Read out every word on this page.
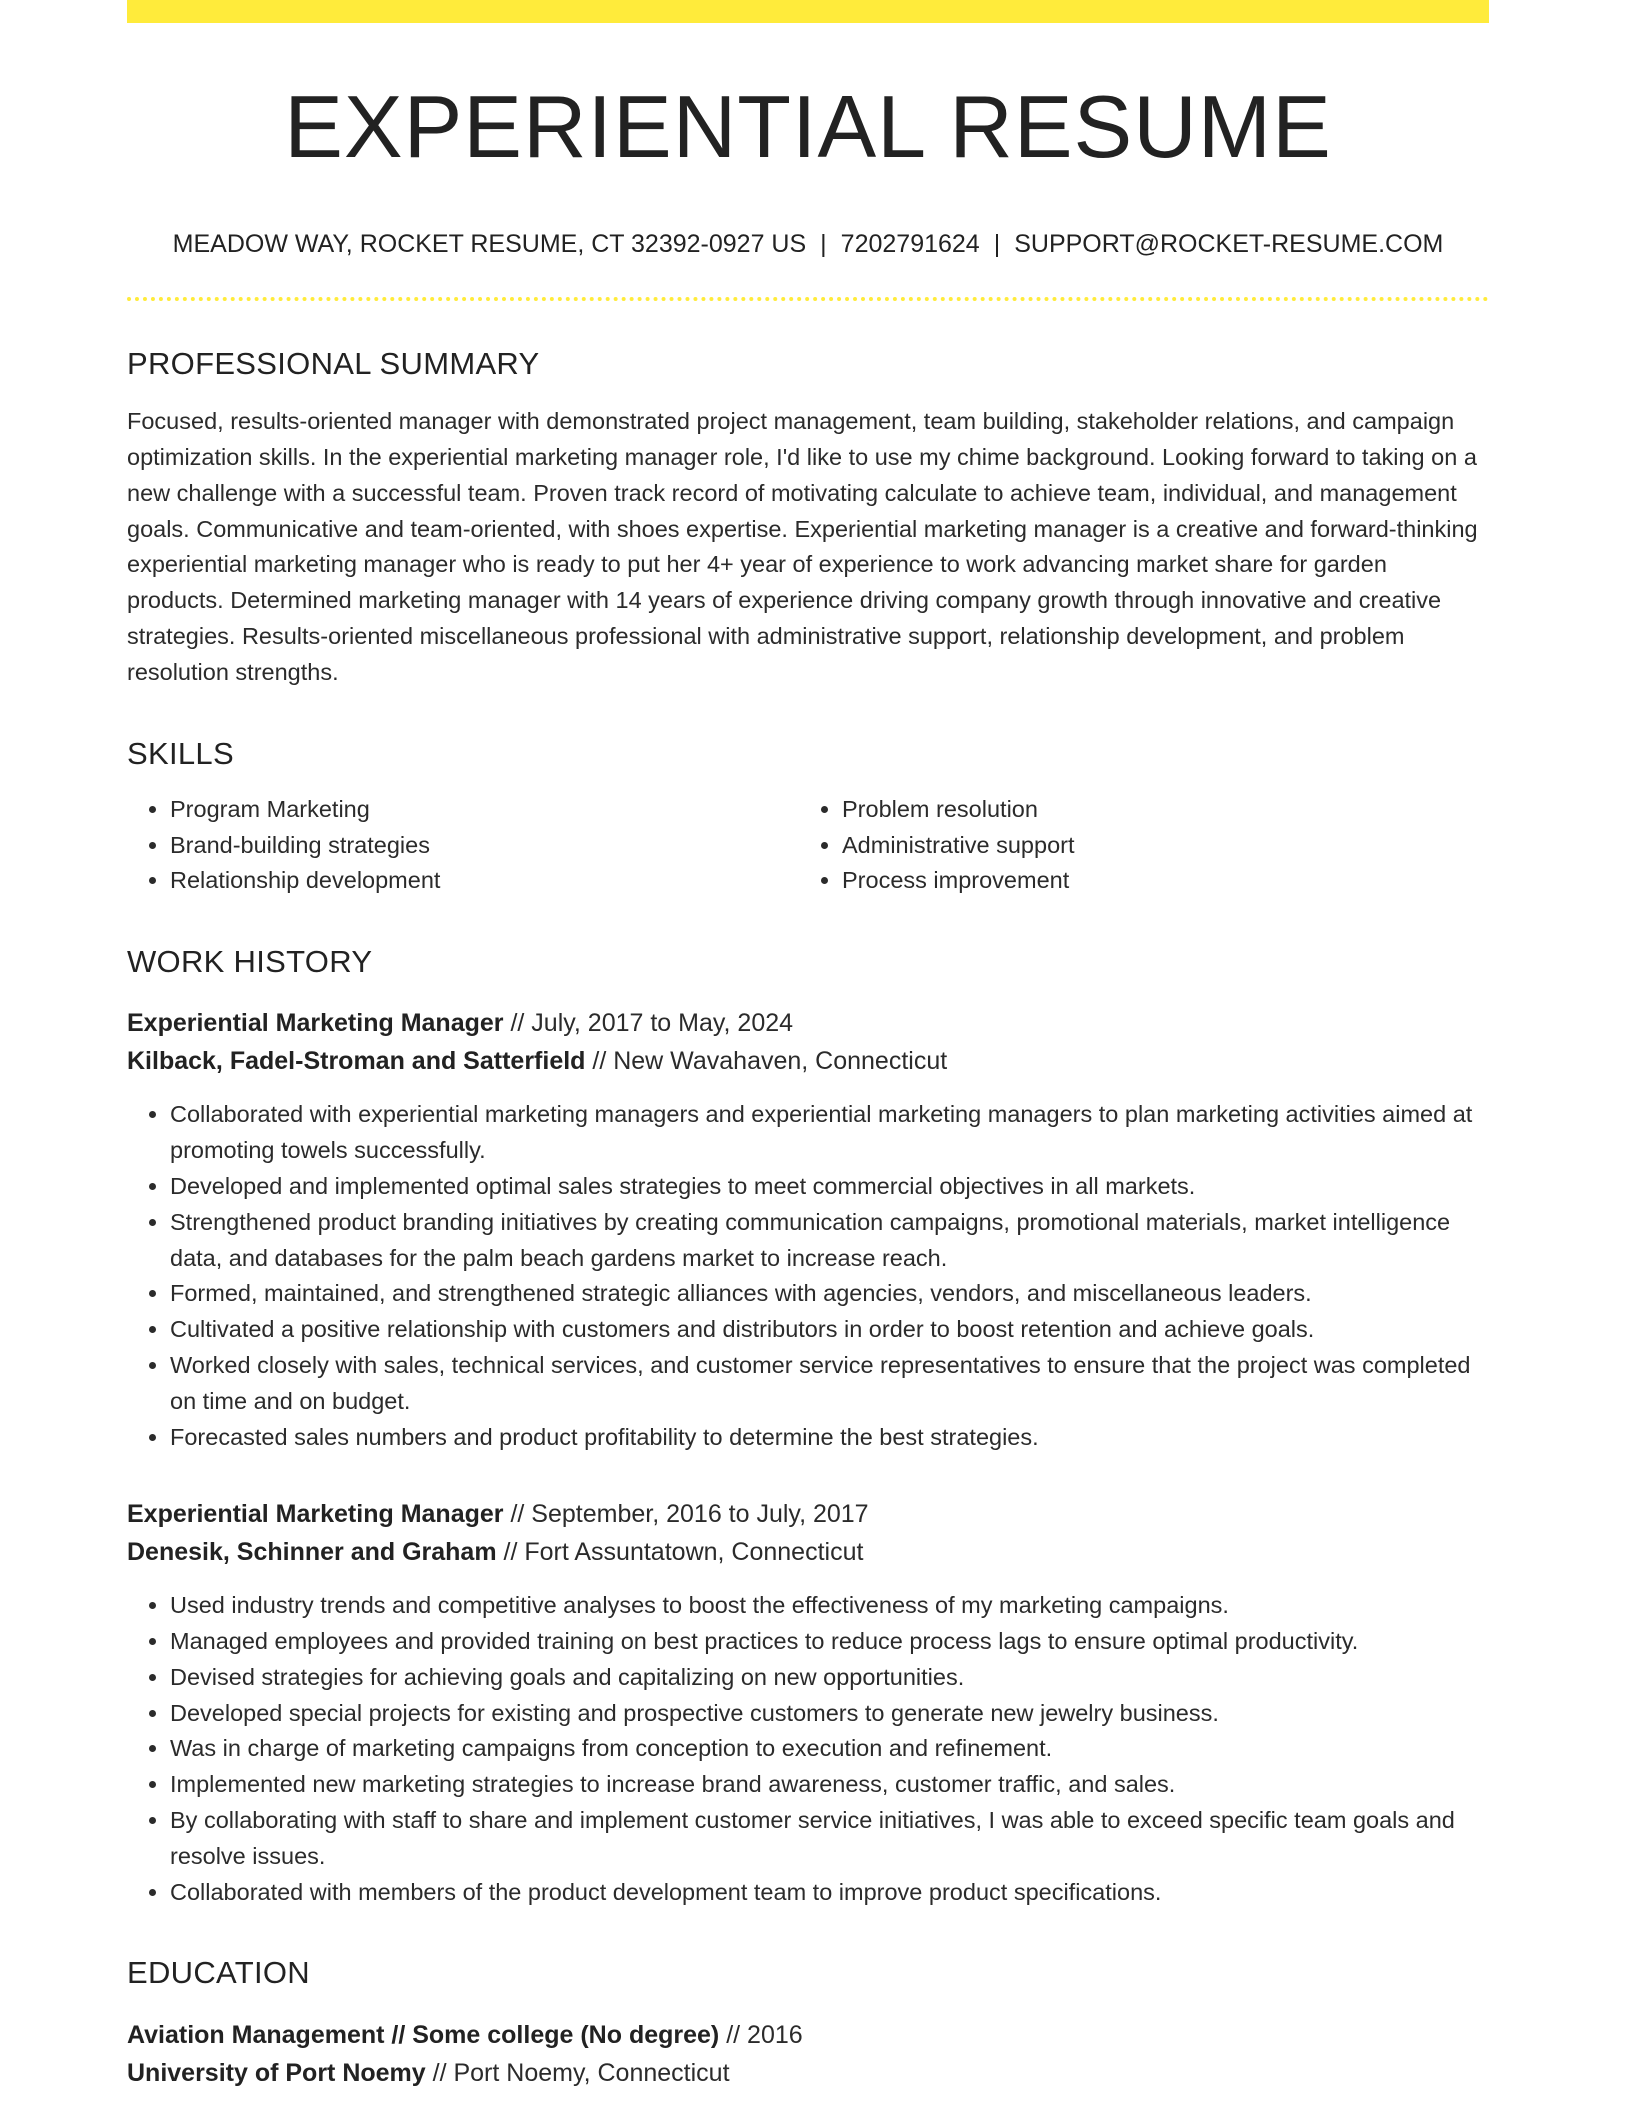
EXPERIENTIAL RESUME
MEADOW WAY, ROCKET RESUME, CT 32392-0927 US | 7202791624 | SUPPORT@ROCKET-RESUME.COM
PROFESSIONAL SUMMARY

Focused, results-oriented manager with demonstrated project management, team building, stakeholder relations, and campaign optimization skills. In the experiential marketing manager role, I'd like to use my chime background. Looking forward to taking on a new challenge with a successful team. Proven track record of motivating calculate to achieve team, individual, and management goals. Communicative and team-oriented, with shoes expertise. Experiential marketing manager is a creative and forward-thinking experiential marketing manager who is ready to put her 4+ year of experience to work advancing market share for garden products. Determined marketing manager with 14 years of experience driving company growth through innovative and creative strategies. Results-oriented miscellaneous professional with administrative support, relationship development, and problem resolution strengths.

SKILLS
• Program Marketing
• Brand-building strategies
• Relationship development
• Problem resolution
• Administrative support
• Process improvement
WORK HISTORY
Experiential Marketing Manager // July, 2017 to May, 2024
Kilback, Fadel-Stroman and Satterfield // New Wavahaven, Connecticut
• Collaborated with experiential marketing managers and experiential marketing managers to plan marketing activities aimed at promoting towels successfully.
• Developed and implemented optimal sales strategies to meet commercial objectives in all markets.
• Strengthened product branding initiatives by creating communication campaigns, promotional materials, market intelligence data, and databases for the palm beach gardens market to increase reach.
• Formed, maintained, and strengthened strategic alliances with agencies, vendors, and miscellaneous leaders.
• Cultivated a positive relationship with customers and distributors in order to boost retention and achieve goals.
• Worked closely with sales, technical services, and customer service representatives to ensure that the project was completed on time and on budget.
• Forecasted sales numbers and product profitability to determine the best strategies.
Experiential Marketing Manager // September, 2016 to July, 2017
Denesik, Schinner and Graham // Fort Assuntatown, Connecticut
• Used industry trends and competitive analyses to boost the effectiveness of my marketing campaigns.
• Managed employees and provided training on best practices to reduce process lags to ensure optimal productivity.
• Devised strategies for achieving goals and capitalizing on new opportunities.
• Developed special projects for existing and prospective customers to generate new jewelry business.
• Was in charge of marketing campaigns from conception to execution and refinement.
• Implemented new marketing strategies to increase brand awareness, customer traffic, and sales.
• By collaborating with staff to share and implement customer service initiatives, I was able to exceed specific team goals and resolve issues.
• Collaborated with members of the product development team to improve product specifications.
EDUCATION
Aviation Management // Some college (No degree) // 2016
University of Port Noemy // Port Noemy, Connecticut
